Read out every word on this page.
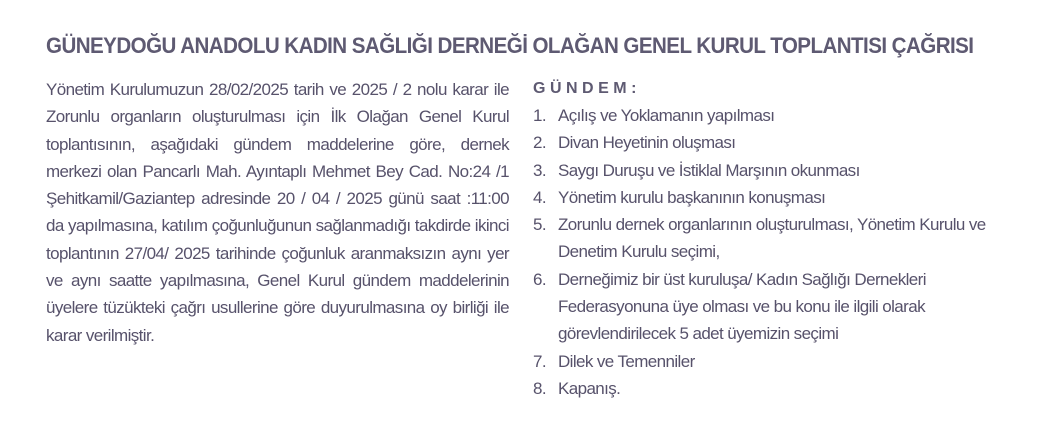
GÜNEYDOĞU ANADOLU KADIN SAĞLIĞI DERNEĞİ OLAĞAN GENEL KURUL TOPLANTISI ÇAĞRISI
Yönetim Kurulumuzun 28/02/2025 tarih ve 2025 / 2 nolu karar ile Zorunlu organların oluşturulması için İlk Olağan Genel Kurul toplantısının, aşağıdaki gündem maddelerine göre, dernek merkezi olan Pancarlı Mah. Ayıntaplı Mehmet Bey Cad. No:24 /1 Şehitkamil/Gaziantep adresinde 20 / 04 / 2025 günü saat :11:00 da yapılmasına, katılım çoğunluğunun sağlanmadığı takdirde ikinci toplantının 27/04/ 2025 tarihinde çoğunluk aranmaksızın aynı yer ve aynı saatte yapılmasına, Genel Kurul gündem maddelerinin üyelere tüzükteki çağrı usullerine göre duyurulmasına oy birliği ile karar verilmiştir.
GÜNDEM:
1. Açılış ve Yoklamanın yapılması
2. Divan Heyetinin oluşması
3. Saygı Duruşu ve İstiklal Marşının okunması
4. Yönetim kurulu başkanının konuşması
5. Zorunlu dernek organlarının oluşturulması, Yönetim Kurulu ve Denetim Kurulu seçimi,
6. Derneğimiz bir üst kuruluşa/ Kadın Sağlığı Dernekleri Federasyonuna üye olması ve bu konu ile ilgili olarak görevlendirilecek 5 adet üyemizin seçimi
7. Dilek ve Temenniler
8. Kapanış.
